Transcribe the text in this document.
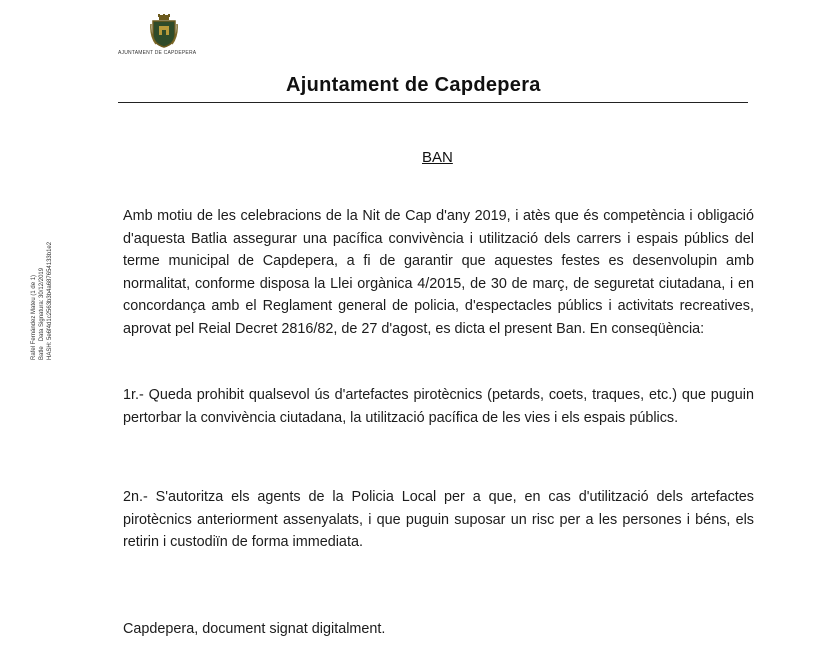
AJUNTAMENT DE CAPDEPERA
Ajuntament de Capdepera
Rafel Fernández Mateu (1 de 1) Batle   Data Signatura: 30/12/2019 HASH: 5e6f4d1c2563b3b4a687654133b1e2
BAN

Amb motiu de les celebracions de la Nit de Cap d'any 2019, i atès que és competència i obligació d'aquesta Batlia assegurar una pacífica convivència i utilització dels carrers i espais públics del terme municipal de Capdepera, a fi de garantir que aquestes festes es desenvolupin amb normalitat, conforme disposa la Llei orgànica 4/2015, de 30 de març, de seguretat ciutadana, i en concordança amb el Reglament general de policia, d'espectacles públics i activitats recreatives, aprovat pel Reial Decret 2816/82, de 27 d'agost, es dicta el present Ban. En conseqüència:

1r.- Queda prohibit qualsevol ús d'artefactes pirotècnics (petards, coets, traques, etc.) que puguin pertorbar la convivència ciutadana, la utilització pacífica de les vies i els espais públics.

2n.- S'autoritza els agents de la Policia Local per a que, en cas d'utilització dels artefactes pirotècnics anteriorment assenyalats, i que puguin suposar un risc per a les persones i béns, els retirin i custodiïn de forma immediata.

Capdepera, document signat digitalment.
